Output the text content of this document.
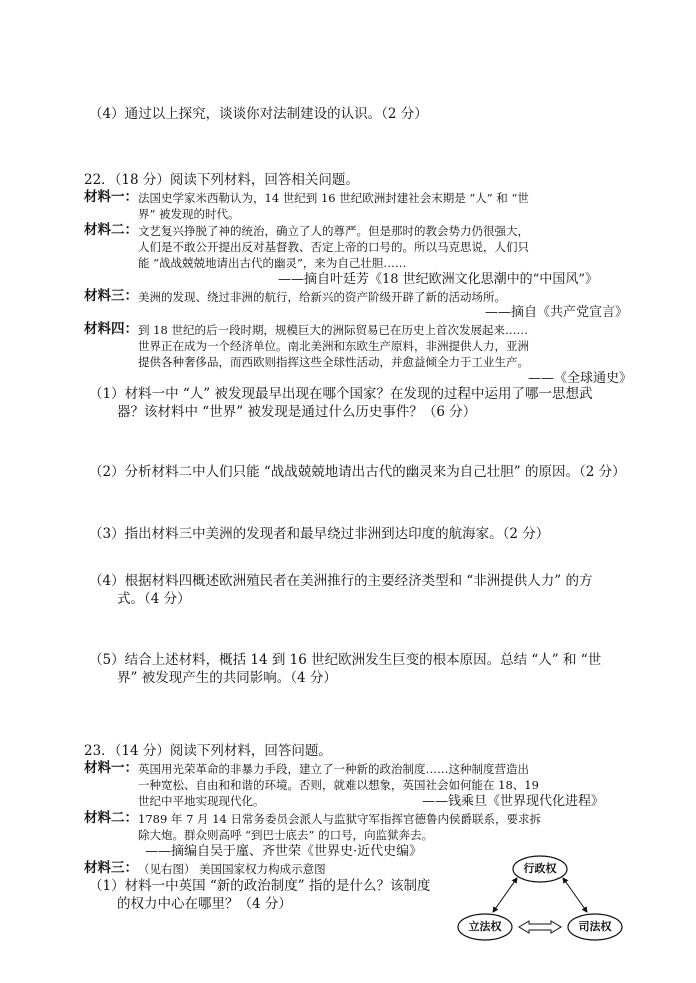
（4）通过以上探究，谈谈你对法制建设的认识。（2 分）
22．（18 分）阅读下列材料，回答相关问题。
材料一： 法国史学家米西勒认为，14 世纪到 16 世纪欧洲封建社会末期是 “人” 和 “世
界” 被发现的时代。
材料二： 文艺复兴挣脱了神的统治，确立了人的尊严。但是那时的教会势力仍很强大，
人们是不敢公开提出反对基督教、否定上帝的口号的。所以马克思说，人们只
能 “战战兢兢地请出古代的幽灵”，来为自己壮胆……
——摘自叶廷芳《18 世纪欧洲文化思潮中的“中国风”》
材料三： 美洲的发现、绕过非洲的航行，给新兴的资产阶级开辟了新的活动场所。
——摘自《共产党宣言》
材料四： 到 18 世纪的后一段时期，规模巨大的洲际贸易已在历史上首次发展起来……
世界正在成为一个经济单位。南北美洲和东欧生产原料，非洲提供人力，亚洲
提供各种奢侈品，而西欧则指挥这些全球性活动，并愈益倾全力于工业生产。
——《全球通史》
（1）材料一中 “人” 被发现最早出现在哪个国家？在发现的过程中运用了哪一思想武
器？该材料中 “世界” 被发现是通过什么历史事件？（6 分）
（2）分析材料二中人们只能 “战战兢兢地请出古代的幽灵来为自己壮胆” 的原因。（2 分）
（3）指出材料三中美洲的发现者和最早绕过非洲到达印度的航海家。（2 分）
（4）根据材料四概述欧洲殖民者在美洲推行的主要经济类型和 “非洲提供人力” 的方
式。（4 分）
（5）结合上述材料，概括 14 到 16 世纪欧洲发生巨变的根本原因。总结 “人” 和 “世
界” 被发现产生的共同影响。（4 分）
23．（14 分）阅读下列材料，回答问题。
材料一： 英国用光荣革命的非暴力手段，建立了一种新的政治制度……这种制度营造出
一种宽松、自由和和谐的环境。否则，就难以想象，英国社会如何能在 18、19
世纪中平地实现现代化。	——钱乘旦《世界现代化进程》
材料二： 1789 年 7 月 14 日常务委员会派人与监狱守军指挥官德鲁内侯爵联系，要求拆
除大炮。群众则高呼 “到巴士底去” 的口号，向监狱奔去。
——摘编自吴于廑、齐世荣《世界史·近代史编》
材料三： （见右图） 美国国家权力构成示意图
（1）材料一中英国 “新的政治制度” 指的是什么？该制度
的权力中心在哪里？（4 分）
行政权
立法权	司法权
